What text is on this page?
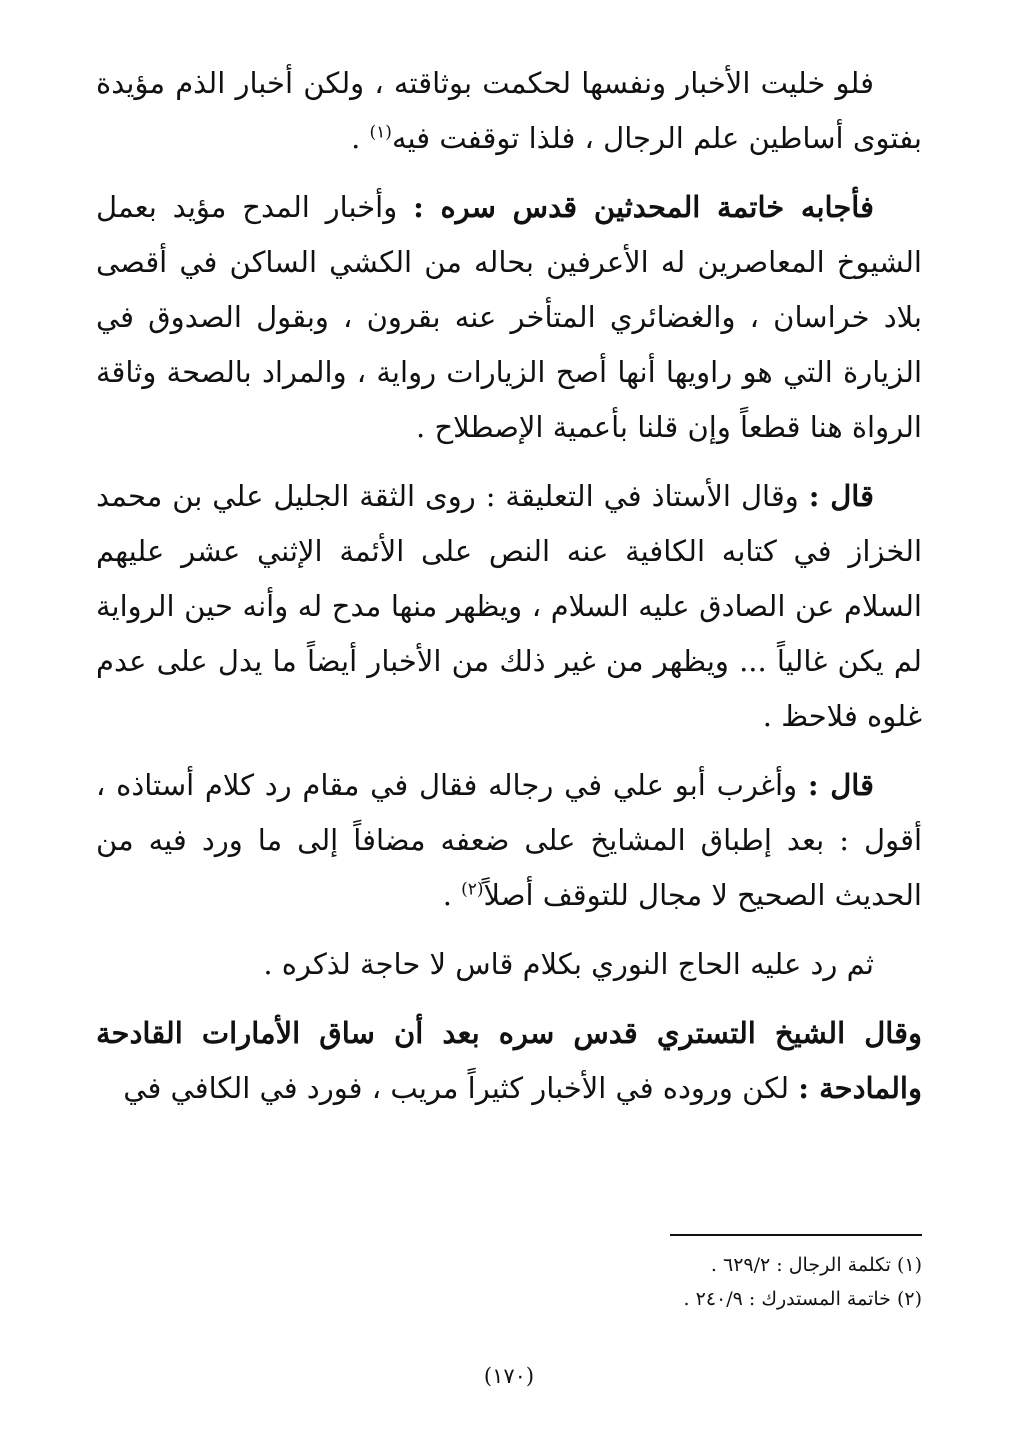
فلو خليت الأخبار ونفسها لحكمت بوثاقته ، ولكن أخبار الذم مؤيدة بفتوى أساطين علم الرجال ، فلذا توقفت فيه$^{(١)}$ .

فأجابه خاتمة المحدثين قدس سره : وأخبار المدح مؤيد بعمل الشيوخ المعاصرين له الأعرفين بحاله من الكشي الساكن في أقصى بلاد خراسان ، والغضائري المتأخر عنه بقرون ، وبقول الصدوق في الزيارة التي هو راويها أنها أصح الزيارات رواية ، والمراد بالصحة وثاقة الرواة هنا قطعاً وإن قلنا بأعمية الإصطلاح .

قال : وقال الأستاذ في التعليقة : روى الثقة الجليل علي بن محمد الخزاز في كتابه الكافية عنه النص على الأئمة الإثني عشر عليهم السلام عن الصادق عليه السلام ، ويظهر منها مدح له وأنه حين الرواية لم يكن غالياً ... ويظهر من غير ذلك من الأخبار أيضاً ما يدل على عدم غلوه فلاحظ .

قال : وأغرب أبو علي في رجاله فقال في مقام رد كلام أستاذه ، أقول : بعد إطباق المشايخ على ضعفه مضافاً إلى ما ورد فيه من الحديث الصحيح لا مجال للتوقف أصلاً$^{(٢)}$ .

ثم رد عليه الحاج النوري بكلام قاس لا حاجة لذكره .

وقال الشيخ التستري قدس سره بعد أن ساق الأمارات القادحة والمادحة : لكن وروده في الأخبار كثيراً مريب ، فورد في الكافي في

(١) تكلمة الرجال : ٦٢٩/٢ .

(٢) خاتمة المستدرك : ٢٤٠/٩ .

(١٧٠)
